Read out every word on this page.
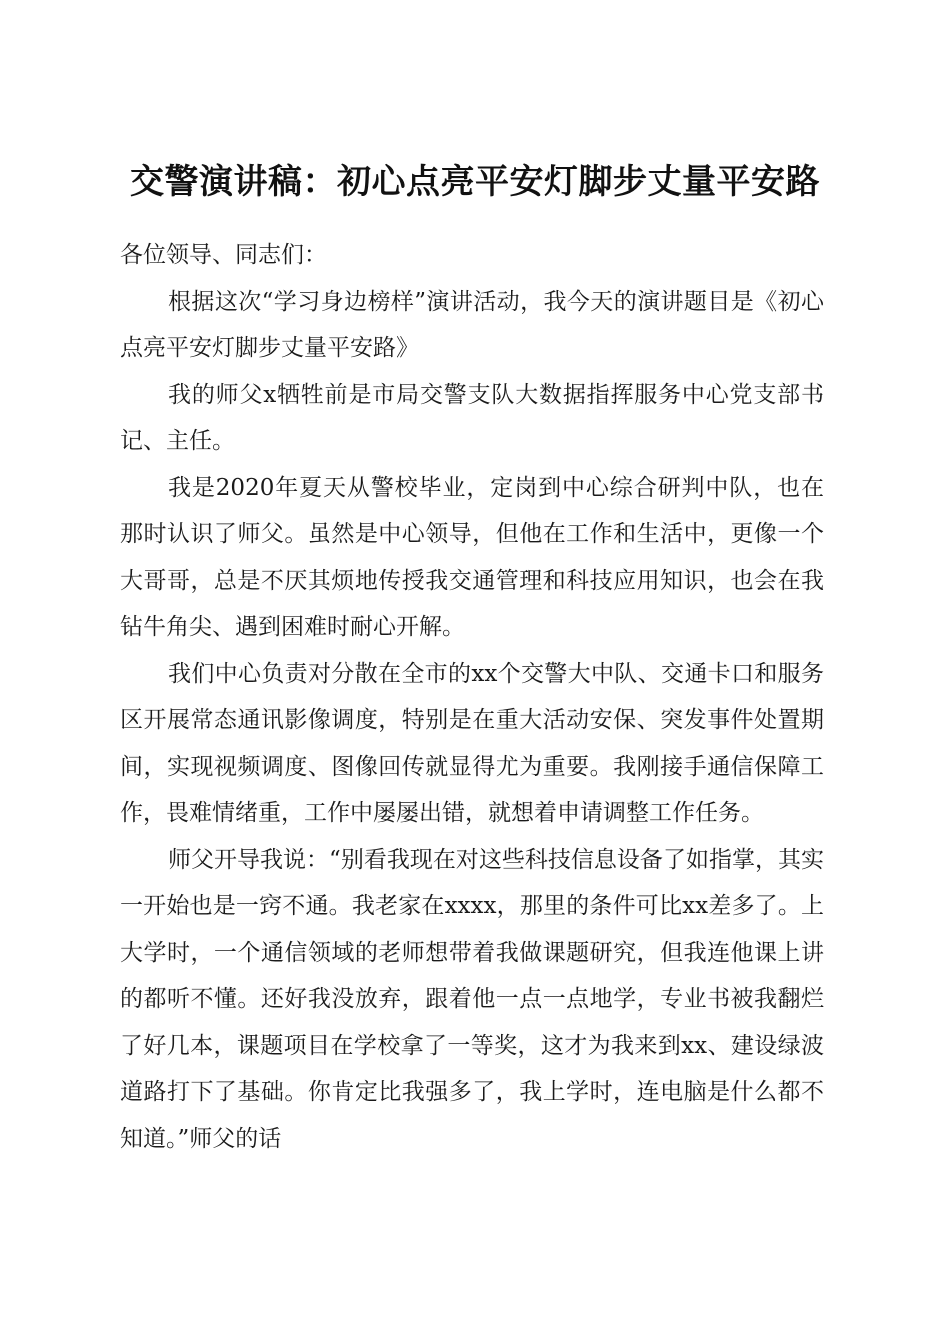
交警演讲稿：初心点亮平安灯脚步丈量平安路

各位领导、同志们：

根据这次“学习身边榜样”演讲活动，我今天的演讲题目是《初心点亮平安灯脚步丈量平安路》

我的师父x牺牲前是市局交警支队大数据指挥服务中心党支部书记、主任。

我是2020年夏天从警校毕业，定岗到中心综合研判中队，也在那时认识了师父。虽然是中心领导，但他在工作和生活中，更像一个大哥哥，总是不厌其烦地传授我交通管理和科技应用知识，也会在我钻牛角尖、遇到困难时耐心开解。

我们中心负责对分散在全市的xx个交警大中队、交通卡口和服务区开展常态通讯影像调度，特别是在重大活动安保、突发事件处置期间，实现视频调度、图像回传就显得尤为重要。我刚接手通信保障工作，畏难情绪重，工作中屡屡出错，就想着申请调整工作任务。

师父开导我说：“别看我现在对这些科技信息设备了如指掌，其实一开始也是一窍不通。我老家在xxxx，那里的条件可比xx差多了。上大学时，一个通信领域的老师想带着我做课题研究，但我连他课上讲的都听不懂。还好我没放弃，跟着他一点一点地学，专业书被我翻烂了好几本，课题项目在学校拿了一等奖，这才为我来到xx、建设绿波道路打下了基础。你肯定比我强多了，我上学时，连电脑是什么都不知道。”师父的话
